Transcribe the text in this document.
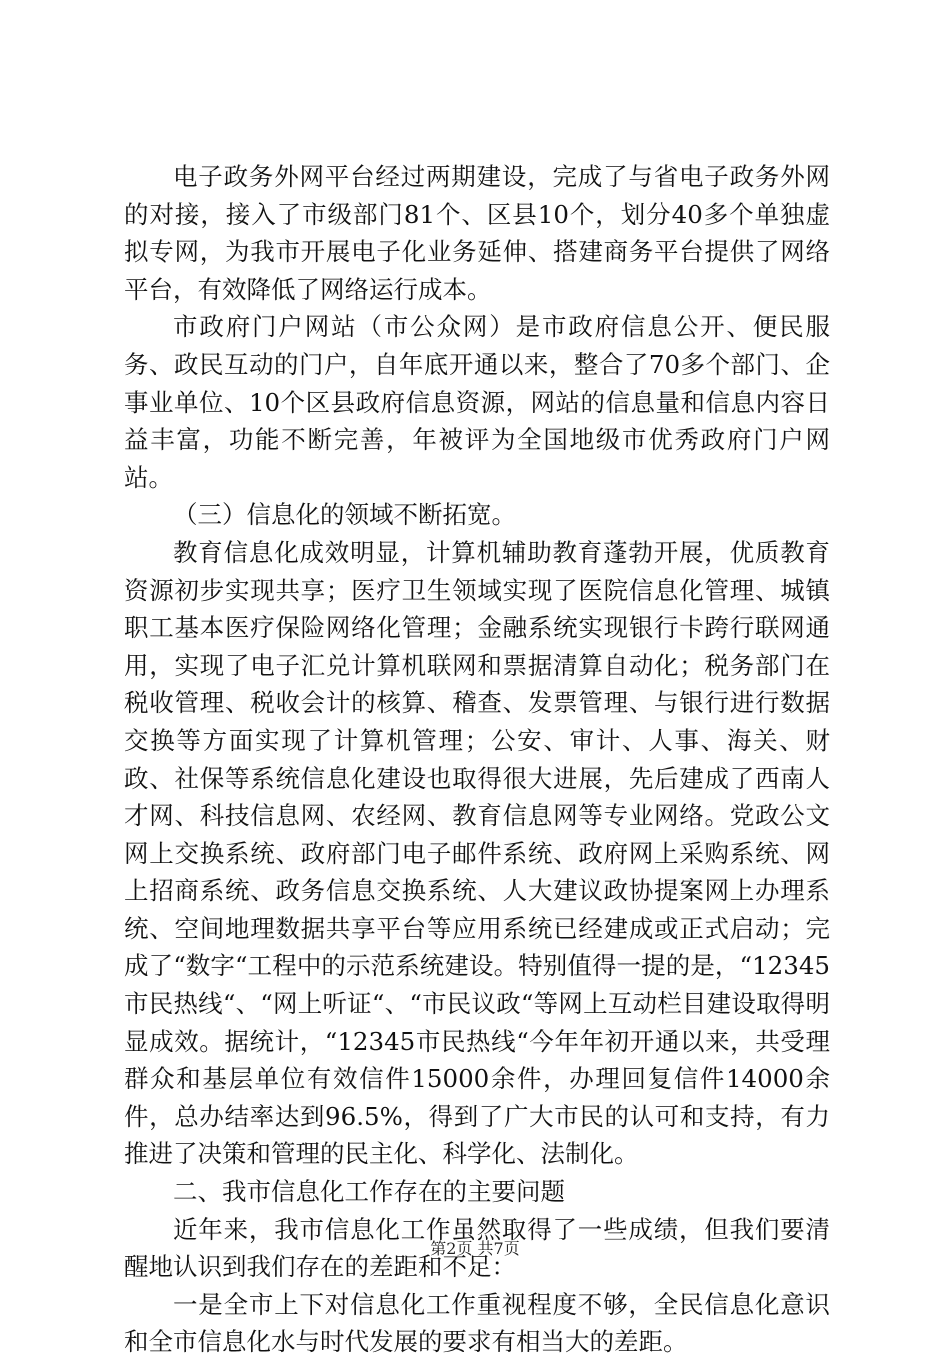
电子政务外网平台经过两期建设，完成了与省电子政务外网的对接，接入了市级部门81个、区县10个，划分40多个单独虚拟专网，为我市开展电子化业务延伸、搭建商务平台提供了网络平台，有效降低了网络运行成本。

市政府门户网站（市公众网）是市政府信息公开、便民服务、政民互动的门户，自年底开通以来，整合了70多个部门、企事业单位、10个区县政府信息资源，网站的信息量和信息内容日益丰富，功能不断完善，年被评为全国地级市优秀政府门户网站。

（三）信息化的领域不断拓宽。

教育信息化成效明显，计算机辅助教育蓬勃开展，优质教育资源初步实现共享；医疗卫生领域实现了医院信息化管理、城镇职工基本医疗保险网络化管理；金融系统实现银行卡跨行联网通用，实现了电子汇兑计算机联网和票据清算自动化；税务部门在税收管理、税收会计的核算、稽查、发票管理、与银行进行数据交换等方面实现了计算机管理；公安、审计、人事、海关、财政、社保等系统信息化建设也取得很大进展，先后建成了西南人才网、科技信息网、农经网、教育信息网等专业网络。党政公文网上交换系统、政府部门电子邮件系统、政府网上采购系统、网上招商系统、政务信息交换系统、人大建议政协提案网上办理系统、空间地理数据共享平台等应用系统已经建成或正式启动；完成了“数字“工程中的示范系统建设。特别值得一提的是，“12345市民热线“、“网上听证“、“市民议政“等网上互动栏目建设取得明显成效。据统计，“12345市民热线“今年年初开通以来，共受理群众和基层单位有效信件15000余件，办理回复信件14000余件，总办结率达到96.5%，得到了广大市民的认可和支持，有力推进了决策和管理的民主化、科学化、法制化。

二、我市信息化工作存在的主要问题

近年来，我市信息化工作虽然取得了一些成绩，但我们要清醒地认识到我们存在的差距和不足：

一是全市上下对信息化工作重视程度不够，全民信息化意识和全市信息化水与时代发展的要求有相当大的差距。

第2页 共7页
